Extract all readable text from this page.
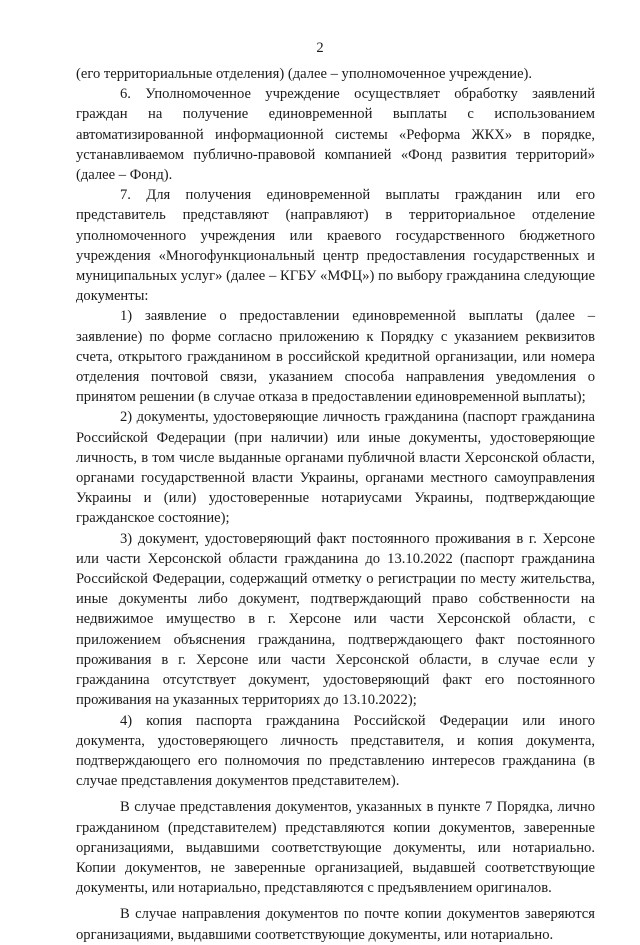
2

(его территориальные отделения) (далее – уполномоченное учреждение).

6. Уполномоченное учреждение осуществляет обработку заявлений граждан на получение единовременной выплаты с использованием автоматизированной информационной системы «Реформа ЖКХ» в порядке, устанавливаемом публично-правовой компанией «Фонд развития территорий» (далее – Фонд).

7. Для получения единовременной выплаты гражданин или его представитель представляют (направляют) в территориальное отделение уполномоченного учреждения или краевого государственного бюджетного учреждения «Многофункциональный центр предоставления государственных и муниципальных услуг» (далее – КГБУ «МФЦ») по выбору гражданина следующие документы:

1) заявление о предоставлении единовременной выплаты (далее – заявление) по форме согласно приложению к Порядку с указанием реквизитов счета, открытого гражданином в российской кредитной организации, или номера отделения почтовой связи, указанием способа направления уведомления о принятом решении (в случае отказа в предоставлении единовременной выплаты);

2) документы, удостоверяющие личность гражданина (паспорт гражданина Российской Федерации (при наличии) или иные документы, удостоверяющие личность, в том числе выданные органами публичной власти Херсонской области, органами государственной власти Украины, органами местного самоуправления Украины и (или) удостоверенные нотариусами Украины, подтверждающие гражданское состояние);

3) документ, удостоверяющий факт постоянного проживания в г. Херсоне или части Херсонской области гражданина до 13.10.2022 (паспорт гражданина Российской Федерации, содержащий отметку о регистрации по месту жительства, иные документы либо документ, подтверждающий право собственности на недвижимое имущество в г. Херсоне или части Херсонской области, с приложением объяснения гражданина, подтверждающего факт постоянного проживания в г. Херсоне или части Херсонской области, в случае если у гражданина отсутствует документ, удостоверяющий факт его постоянного проживания на указанных территориях до 13.10.2022);

4) копия паспорта гражданина Российской Федерации или иного документа, удостоверяющего личность представителя, и копия документа, подтверждающего его полномочия по представлению интересов гражданина (в случае представления документов представителем).

В случае представления документов, указанных в пункте 7 Порядка, лично гражданином (представителем) представляются копии документов, заверенные организациями, выдавшими соответствующие документы, или нотариально. Копии документов, не заверенные организацией, выдавшей соответствующие документы, или нотариально, представляются с предъявлением оригиналов.

В случае направления документов по почте копии документов заверяются организациями, выдавшими соответствующие документы, или нотариально.
